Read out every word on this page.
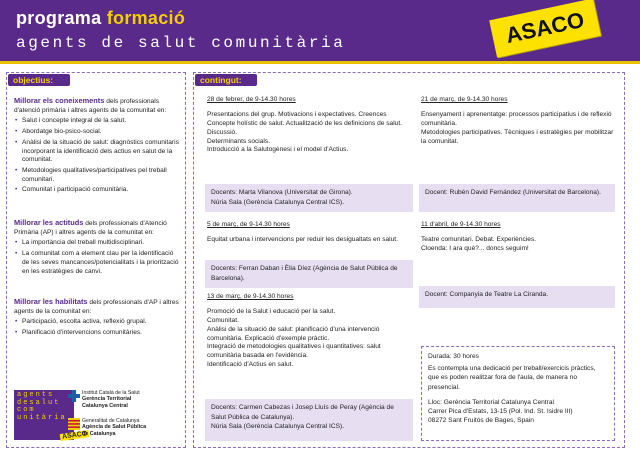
programa formació
agents de salut comunitària	ASACO
objectius:
Millorar els coneixements dels professionals d'atenció primària i altres agents de la comunitat en:
• Salut i concepte integral de la salut.
• Abordatge bio-psico-social.
• Anàlisi de la situació de salut: diagnòstics comunitaris incorporant la identificació dels actius en salut de la comunitat.
• Metodologies qualitatives/participatives pel treball comunitari.
• Comunitat i participació comunitària.
Millorar les actituds dels professionals d'Atenció Primària (AP) i altres agents de la comunitat en:
• La importància del treball multidisciplinari.
• La comunitat com a element clau per la identificació de les seves mancances/potencialitats i la priorització en les estratègies de canvi.
Millorar les habilitats dels professionals d'AP i altres agents de la comunitat en:
• Participació, escolta activa, reflexió grupal.
• Planificació d'intervencions comunitàries.
agents
desalut
com
unitària
ASACO
Institut Català de la Salut
Gerència Territorial
Catalunya Central
Generalitat de Catalunya
Agència de Salut Pública
de Catalunya
contingut:
28 de febrer, de 9-14.30 hores
Presentacions del grup. Motivacions i expectatives. Creences
Concepte holístic de salut. Actualització de les definicions de salut.
Discussió.
Determinants socials.
Introducció a la Salutogènesi i el model d'Actius.
Docents: Marta Vilanova (Universitat de Girona).
Núria Sala (Gerència Catalunya Central ICS).
21 de març, de 9-14.30 hores
Ensenyament i aprenentatge: processos participatius i de reflexió comunitària.
Metodologies participatives. Tècniques i estratègies per mobilitzar la comunitat.
Docent: Rubén David Fernández (Universitat de Barcelona).
5 de març, de 9-14.30 hores
Equitat urbana i intervencions per reduir les desigualtats en salut.
Docents: Ferran Daban i Èlia Díez (Agència de Salut Pública de Barcelona).
11 d'abril, de 9-14.30 hores
Teatre comunitari. Debat. Experiències.
Cloenda: I ara què?... doncs seguim!
Docent: Companyia de Teatre La Ciranda.
13 de març, de 9-14.30 hores
Promoció de la Salut i educació per la salut.
Comunitat.
Anàlisi de la situació de salut: planificació d'una intervenció comunitària. Explicació d'exemple pràctic.
Integració de metodologies qualitatives i quantitatives: salut comunitària basada en l'evidència.
Identificació d'Actius en salut.
Docents: Carmen Cabezas i Josep Lluís de Peray (Agència de Salut Pública de Catalunya).
Núria Sala (Gerència Catalunya Central ICS).
Durada: 30 hores
Es contempla una dedicació per treball/exercicis pràctics, que es poden realitzar fora de l'aula, de manera no presencial.
Lloc: Gerència Territorial Catalunya Central
Carrer Pica d'Estats, 13-15 (Pol. Ind. St. Isidre III)
08272 Sant Fruitós de Bages, Spain
